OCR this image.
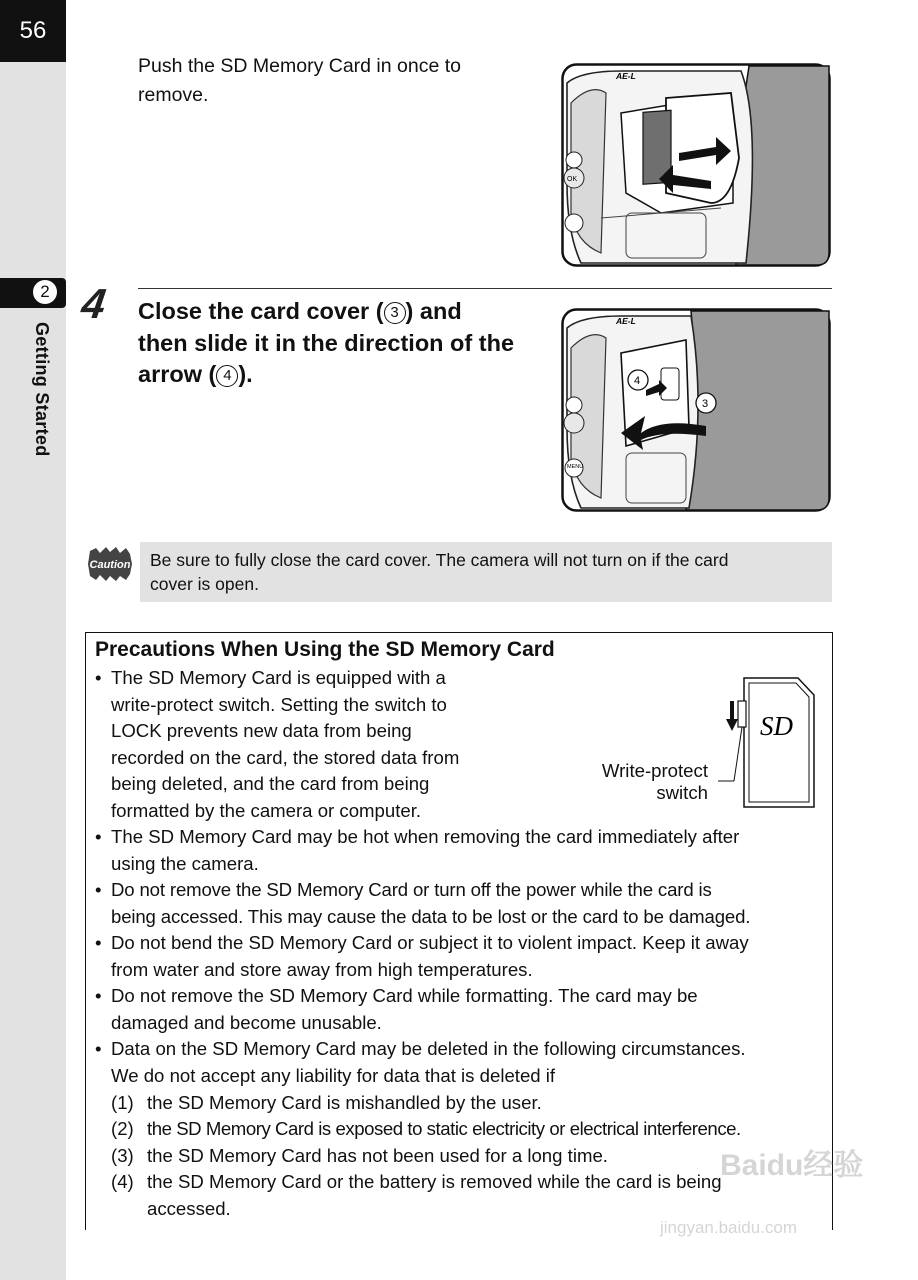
56
2
Getting Started
Push the SD Memory Card in once to
remove.
AE-L
OK
4 Close the card cover ( 3 ) and
then slide it in the direction of the
arrow ( 4 ).
AE-L
4
3
MENU
Caution Be sure to fully close the card cover. The camera will not turn on if the card
cover is open.
Precautions When Using the SD Memory Card
• The SD Memory Card is equipped with a
write-protect switch. Setting the switch to
LOCK prevents new data from being
recorded on the card, the stored data from
being deleted, and the card from being
formatted by the camera or computer.
SD
Write-protect
switch
• The SD Memory Card may be hot when removing the card immediately after
using the camera.
• Do not remove the SD Memory Card or turn off the power while the card is
being accessed. This may cause the data to be lost or the card to be damaged.
• Do not bend the SD Memory Card or subject it to violent impact. Keep it away
from water and store away from high temperatures.
• Do not remove the SD Memory Card while formatting. The card may be
damaged and become unusable.
• Data on the SD Memory Card may be deleted in the following circumstances.
We do not accept any liability for data that is deleted if
(1) the SD Memory Card is mishandled by the user.
(2) the SD Memory Card is exposed to static electricity or electrical interference.
(3) the SD Memory Card has not been used for a long time.
(4) the SD Memory Card or the battery is removed while the card is being
accessed.
Baidu经验
jingyan.baidu.com
